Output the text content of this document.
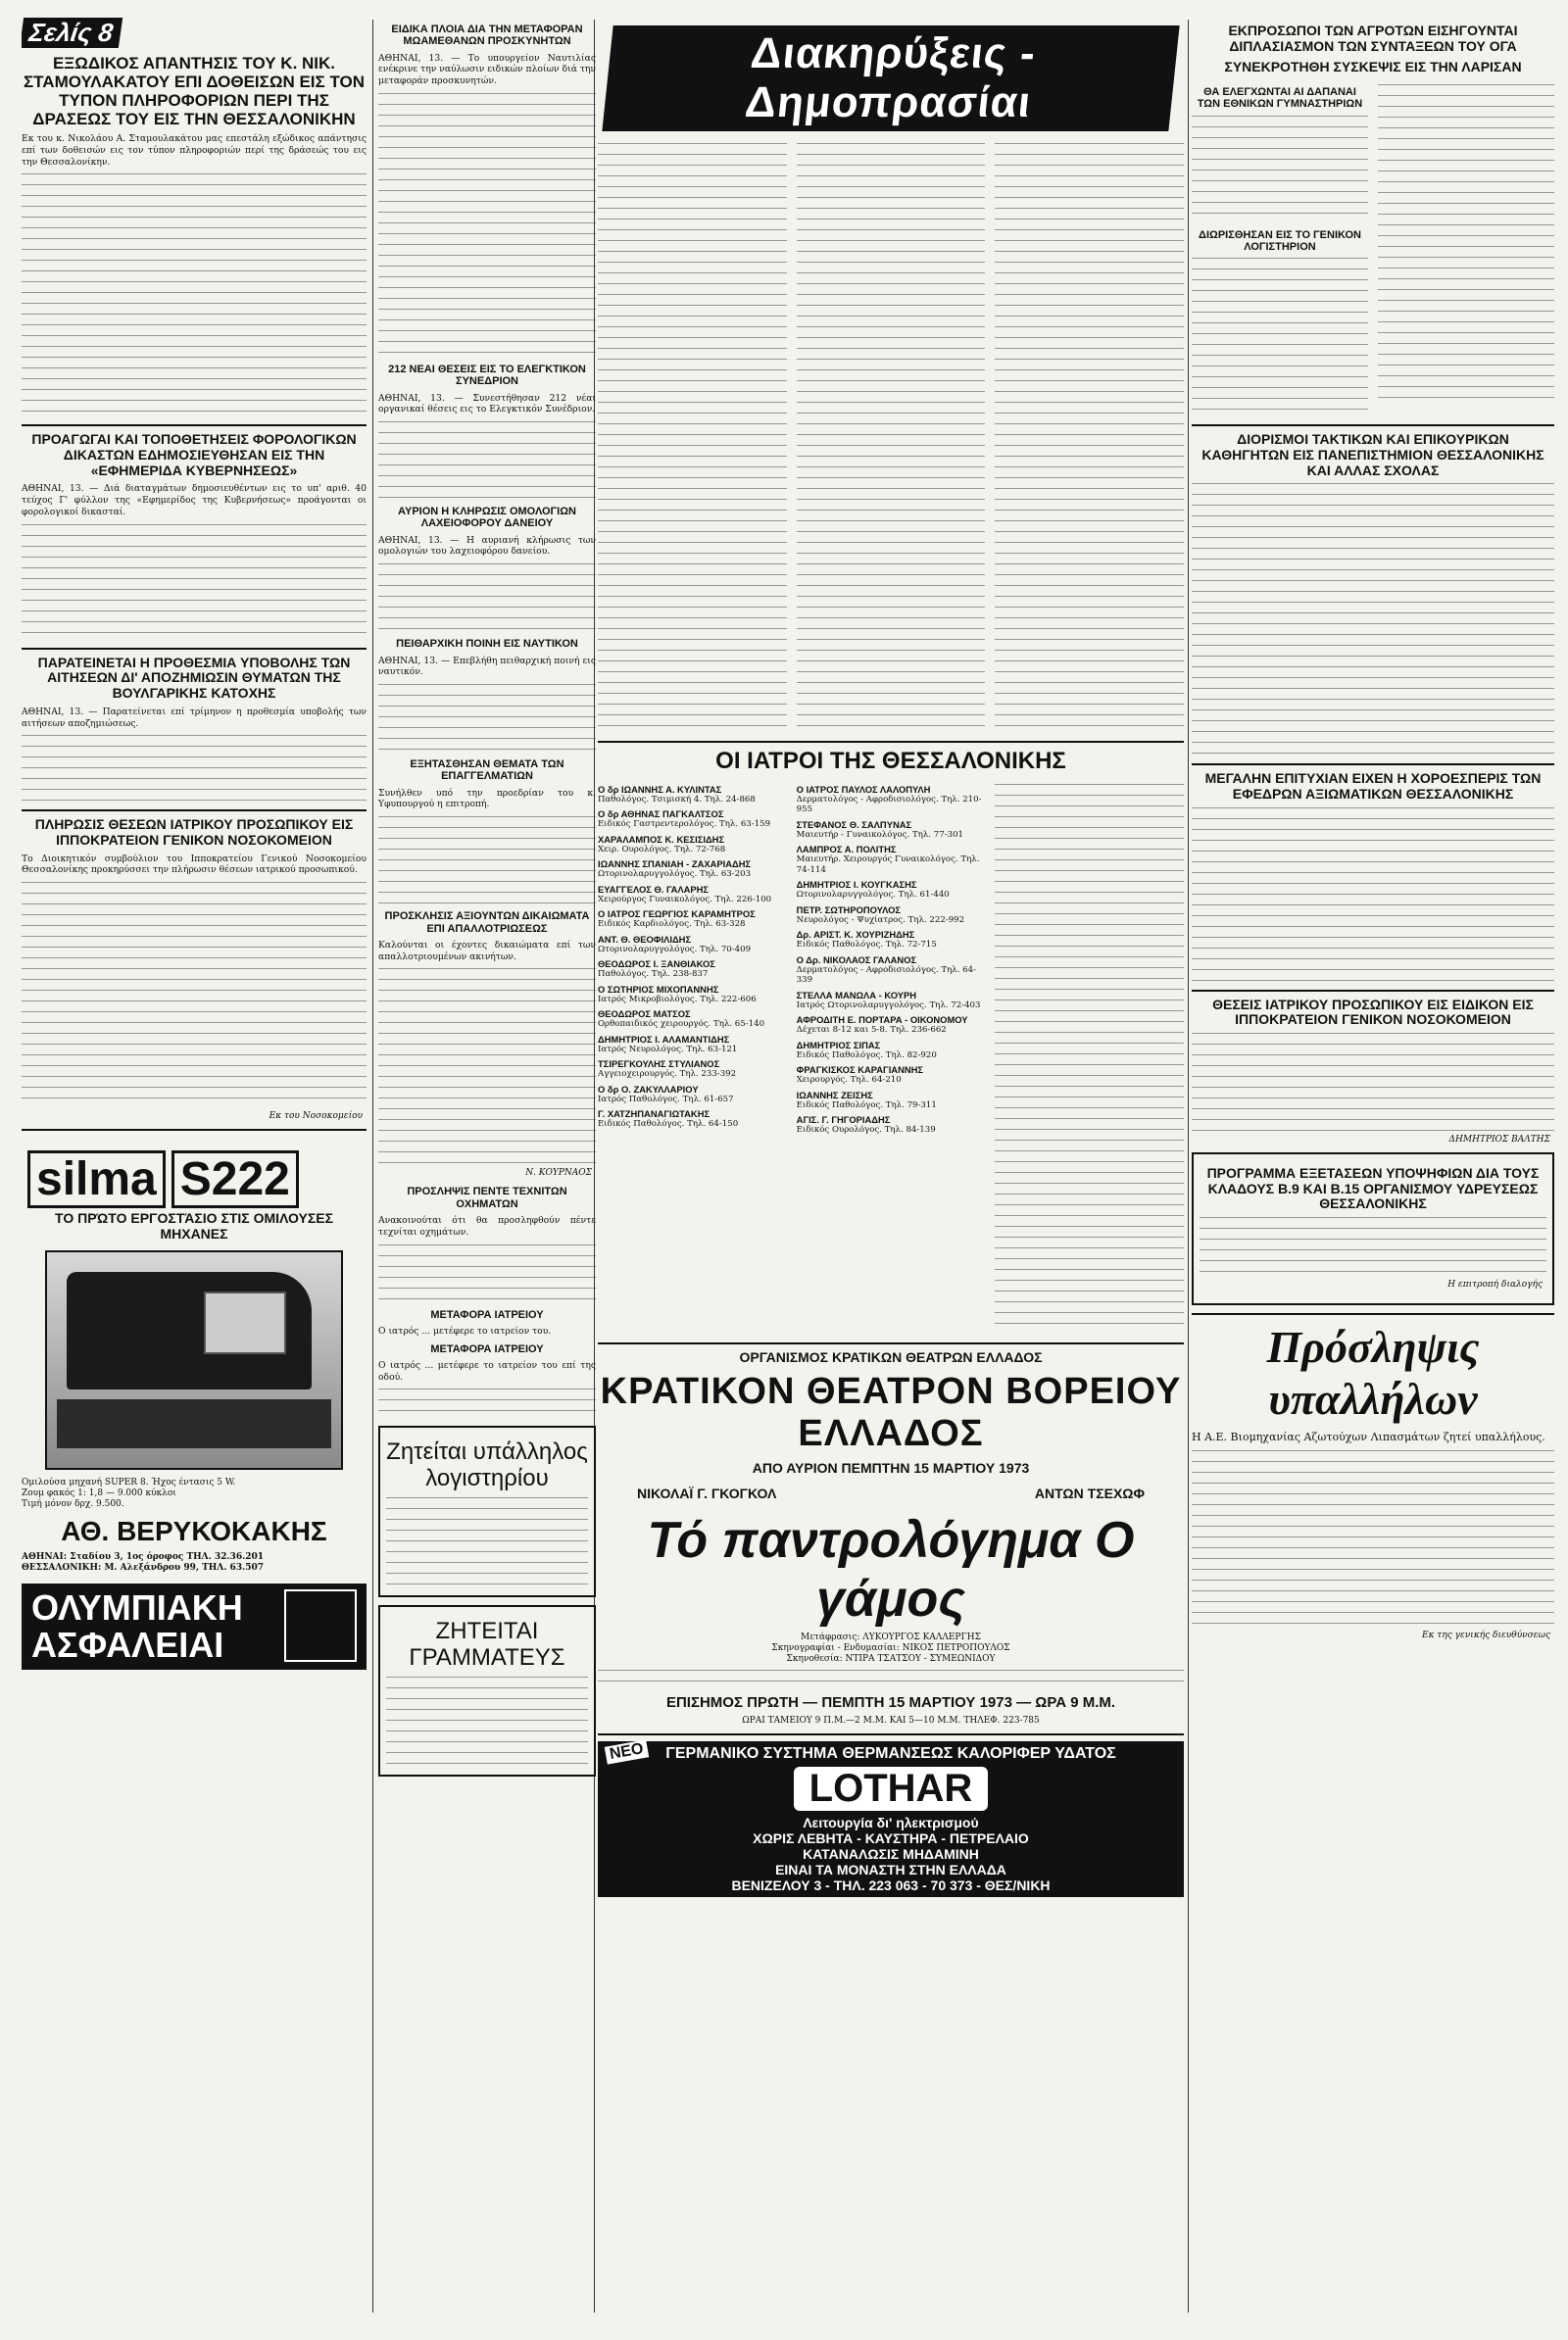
Σελίς 8
ΕΞΩΔΙΚΟΣ ΑΠΑΝΤΗΣΙΣ ΤΟΥ Κ. ΝΙΚ. ΣΤΑΜΟΥΛΑΚΑΤΟΥ ΕΠΙ ΔΟΘΕΙΣΩΝ ΕΙΣ ΤΟΝ ΤΥΠΟΝ ΠΛΗΡΟΦΟΡΙΩΝ ΠΕΡΙ ΤΗΣ ΔΡΑΣΕΩΣ ΤΟΥ ΕΙΣ ΤΗΝ ΘΕΣΣΑΛΟΝΙΚΗΝ

Εκ του κ. Νικολάου Α. Σταμουλακάτου μας επεστάλη εξώδικος απάντησις επί των δοθεισών εις τον τύπον πληροφοριών περί της δράσεώς του εις την Θεσσαλονίκην.

ΠΡΟΑΓΩΓΑΙ ΚΑΙ ΤΟΠΟΘΕΤΗΣΕΙΣ ΦΟΡΟΛΟΓΙΚΩΝ ΔΙΚΑΣΤΩΝ ΕΔΗΜΟΣΙΕΥΘΗΣΑΝ ΕΙΣ ΤΗΝ «ΕΦΗΜΕΡΙΔΑ ΚΥΒΕΡΝΗΣΕΩΣ»

ΑΘΗΝΑΙ, 13. — Διά διαταγμάτων δημοσιευθέντων εις το υπ' αριθ. 40 τεύχος Γ' φύλλον της «Εφημερίδος της Κυβερνήσεως» προάγονται οι φορολογικοί δικασταί.

ΠΑΡΑΤΕΙΝΕΤΑΙ Η ΠΡΟΘΕΣΜΙΑ ΥΠΟΒΟΛΗΣ ΤΩΝ ΑΙΤΗΣΕΩΝ ΔΙ' ΑΠΟΖΗΜΙΩΣΙΝ ΘΥΜΑΤΩΝ ΤΗΣ ΒΟΥΛΓΑΡΙΚΗΣ ΚΑΤΟΧΗΣ

ΑΘΗΝΑΙ, 13. — Παρατείνεται επί τρίμηνον η προθεσμία υποβολής των αιτήσεων αποζημιώσεως.

ΠΛΗΡΩΣΙΣ ΘΕΣΕΩΝ ΙΑΤΡΙΚΟΥ ΠΡΟΣΩΠΙΚΟΥ ΕΙΣ ΙΠΠΟΚΡΑΤΕΙΟΝ ΓΕΝΙΚΟΝ ΝΟΣΟΚΟΜΕΙΟΝ

Το Διοικητικόν συμβούλιον του Ιπποκρατείου Γενικού Νοσοκομείου Θεσσαλονίκης προκηρύσσει την πλήρωσιν θέσεων ιατρικού προσωπικού.

Εκ του Νοσοκομείου
silma S222
ΤΟ ΠΡΏΤΟ ΕΡΓΟΣΤΆΣΙΟ ΣΤΙΣ ΟΜΙΛΟΥΣΕΣ ΜΗΧΑΝΕΣ
Ομιλούσα μηχανή SUPER 8. Ήχος έντασις 5 W.
Ζουμ φακός 1: 1,8 — 9.000 κύκλοι
Τιμή μόνον δρχ. 9.500.
ΑΘ. ΒΕΡΥΚΟΚΑΚΗΣ
ΑΘΗΝΑΙ: Σταδίου 3, 1ος όροφος ΤΗΛ. 32.36.201
ΘΕΣΣΑΛΟΝΙΚΗ: Μ. Αλεξάνδρου 99, ΤΗΛ. 63.507
ΟΛΥΜΠΙΑΚΗ
ΑΣΦΑΛΕΙΑΙ
ΕΙΔΙΚΑ ΠΛΟΙΑ ΔΙΑ ΤΗΝ ΜΕΤΑΦΟΡΑΝ ΜΩΑΜΕΘΑΝΩΝ ΠΡΟΣΚΥΝΗΤΩΝ

ΑΘΗΝΑΙ, 13. — Το υπουργείον Ναυτιλίας ενέκρινε την ναύλωσιν ειδικών πλοίων διά την μεταφοράν προσκυνητών.

212 ΝΕΑΙ ΘΕΣΕΙΣ ΕΙΣ ΤΟ ΕΛΕΓΚΤΙΚΟΝ ΣΥΝΕΔΡΙΟΝ

ΑΘΗΝΑΙ, 13. — Συνεστήθησαν 212 νέαι οργανικαί θέσεις εις το Ελεγκτικόν Συνέδριον.

ΑΥΡΙΟΝ Η ΚΛΗΡΩΣΙΣ ΟΜΟΛΟΓΙΩΝ ΛΑΧΕΙΟΦΟΡΟΥ ΔΑΝΕΙΟΥ

ΑΘΗΝΑΙ, 13. — Η αυριανή κλήρωσις των ομολογιών του λαχειοφόρου δανείου.

ΠΕΙΘΑΡΧΙΚΗ ΠΟΙΝΗ ΕΙΣ ΝΑΥΤΙΚΟΝ

ΑΘΗΝΑΙ, 13. — Επεβλήθη πειθαρχική ποινή εις ναυτικόν.

ΕΞΗΤΑΣΘΗΣΑΝ ΘΕΜΑΤΑ ΤΩΝ ΕΠΑΓΓΕΛΜΑΤΙΩΝ

Συνήλθεν υπό την προεδρίαν του κ. Υφυπουργού η επιτροπή.

ΠΡΟΣΚΛΗΣΙΣ ΑΞΙΟΥΝΤΩΝ ΔΙΚΑΙΩΜΑΤΑ ΕΠΙ ΑΠΑΛΛΟΤΡΙΩΣΕΩΣ

Καλούνται οι έχοντες δικαιώματα επί των απαλλοτριουμένων ακινήτων.

Ν. ΚΟΥΡΝΑΟΣ
ΠΡΟΣΛΗΨΙΣ ΠΕΝΤΕ ΤΕΧΝΙΤΩΝ ΟΧΗΜΑΤΩΝ

Ανακοινούται ότι θα προσληφθούν πέντε τεχνίται οχημάτων.

ΜΕΤΑΦΟΡΑ ΙΑΤΡΕΙΟΥ

Ο ιατρός ... μετέφερε το ιατρείον του.

ΜΕΤΑΦΟΡΑ ΙΑΤΡΕΙΟΥ

Ο ιατρός ... μετέφερε το ιατρείον του επί της οδού.

Ζητείται υπάλληλος λογιστηρίου
ΖΗΤΕΙΤΑΙ ΓΡΑΜΜΑΤΕΥΣ
Διακηρύξεις - Δημοπρασίαι
ΟΙ ΙΑΤΡΟΙ ΤΗΣ ΘΕΣΣΑΛΟΝΙΚΗΣ
Ο δρ ΙΩΑΝΝΗΣ Α. ΚΥΛΙΝΤΑΣ
Παθολόγος. Τσιμισκή 4. Τηλ. 24-868
Ο δρ ΑΘΗΝΑΣ ΠΑΓΚΑΛΤΣΟΣ
Ειδικός Γαστρεντερολόγος. Τηλ. 63-159
ΧΑΡΑΛΑΜΠΟΣ Κ. ΚΕΣΙΣΙΔΗΣ
Χειρ. Ουρολόγος. Τηλ. 72-768
ΙΩΑΝΝΗΣ ΣΠΑΝΙΑΗ - ΖΑΧΑΡΙΑΔΗΣ
Ωτορινολαρυγγολόγος. Τηλ. 63-203
ΕΥΑΓΓΕΛΟΣ Θ. ΓΑΛΑΡΗΣ
Χειρούργος Γυναικολόγος. Τηλ. 226-100
Ο ΙΑΤΡΟΣ ΓΕΩΡΓΙΟΣ ΚΑΡΑΜΗΤΡΟΣ
Ειδικός Καρδιολόγος. Τηλ. 63-328
ΑΝΤ. Θ. ΘΕΟΦΙΛΙΔΗΣ
Ωτορινολαρυγγολόγος. Τηλ. 70-409
ΘΕΟΔΩΡΟΣ Ι. ΞΑΝΘΙΑΚΟΣ
Παθολόγος. Τηλ. 238-837
Ο ΣΩΤΗΡΙΟΣ ΜΙΧΟΠΑΝΝΗΣ
Ιατρός Μικροβιολόγος. Τηλ. 222-606
ΘΕΟΔΩΡΟΣ ΜΑΤΣΟΣ
Ορθοπαιδικός χειρουργός. Τηλ. 65-140
ΔΗΜΗΤΡΙΟΣ Ι. ΑΛΑΜΑΝΤΙΔΗΣ
Ιατρός Νευρολόγος. Τηλ. 63-121
ΤΣΙΡΕΓΚΟΥΛΗΣ ΣΤΥΛΙΑΝΟΣ
Αγγειοχειρουργός. Τηλ. 233-392
Ο δρ Ο. ΖΑΚΥΛΛΑΡΙΟΥ
Ιατρός Παθολόγος. Τηλ. 61-657
Γ. ΧΑΤΖΗΠΑΝΑΓΙΩΤΑΚΗΣ
Ειδικός Παθολόγος. Τηλ. 64-150
Ο ΙΑΤΡΟΣ ΠΑΥΛΟΣ ΛΑΛΟΠΥΛΗ
Δερματολόγος - Αφροδισιολόγος. Τηλ. 210-955
ΣΤΕΦΑΝΟΣ Θ. ΣΑΛΠΥΝΑΣ
Μαιευτήρ - Γυναικολόγος. Τηλ. 77-301
ΛΑΜΠΡΟΣ Α. ΠΟΛΙΤΗΣ
Μαιευτήρ. Χειρουργός Γυναικολόγος. Τηλ. 74-114
ΔΗΜΗΤΡΙΟΣ Ι. ΚΟΥΓΚΑΣΗΣ
Ωτορινολαρυγγολόγος. Τηλ. 61-440
ΠΕΤΡ. ΣΩΤΗΡΟΠΟΥΛΟΣ
Νευρολόγος - Ψυχίατρος. Τηλ. 222-992
Δρ. ΑΡΙΣΤ. Κ. ΧΟΥΡΙΖΗΔΗΣ
Ειδικός Παθολόγος. Τηλ. 72-715
Ο Δρ. ΝΙΚΟΛΑΟΣ ΓΑΛΑΝΟΣ
Δερματολόγος - Αφροδισιολόγος. Τηλ. 64-339
ΣΤΕΛΛΑ ΜΑΝΩΛΑ - ΚΟΥΡΗ
Ιατρός Ωτορινολαρυγγολόγος. Τηλ. 72-403
ΑΦΡΟΔΙΤΗ Ε. ΠΟΡΤΑΡΑ - ΟΙΚΟΝΟΜΟΥ
Δέχεται 8-12 και 5-8. Τηλ. 236-662
ΔΗΜΗΤΡΙΟΣ ΣΙΠΑΣ
Ειδικός Παθολόγος. Τηλ. 82-920
ΦΡΑΓΚΙΣΚΟΣ ΚΑΡΑΓΙΑΝΝΗΣ
Χειρουργός. Τηλ. 64-210
ΙΩΑΝΝΗΣ ΖΕΙΣΗΣ
Ειδικός Παθολόγος. Τηλ. 79-311
ΑΓΙΣ. Γ. ΓΗΓΟΡΙΑΔΗΣ
Ειδικός Ουρολόγος. Τηλ. 84-139
ΟΡΓΑΝΙΣΜΟΣ ΚΡΑΤΙΚΩΝ ΘΕΑΤΡΩΝ ΕΛΛΑΔΟΣ
ΚΡΑΤΙΚΟΝ ΘΕΑΤΡΟΝ ΒΟΡΕΙΟΥ ΕΛΛΑΔΟΣ
ΑΠΟ ΑΥΡΙΟΝ ΠΕΜΠΤΗΝ 15 ΜΑΡΤΙΟΥ 1973
ΝΙΚΟΛΑΪ Γ. ΓΚΟΓΚΟΛ	ΑΝΤΩΝ ΤΣΕΧΩΦ
Τό παντρολόγημα Ο γάμος
Μετάφρασις: ΛΥΚΟΥΡΓΟΣ ΚΑΛΛΕΡΓΗΣ
Σκηνογραφίαι - Ενδυμασίαι: ΝΙΚΟΣ ΠΕΤΡΟΠΟΥΛΟΣ
Σκηνοθεσία: ΝΤΙΡΑ ΤΣΑΤΣΟΥ - ΣΥΜΕΩΝΙΔΟΥ
ΕΠΙΣΗΜΟΣ ΠΡΩΤΗ — ΠΕΜΠΤΗ 15 ΜΑΡΤΙΟΥ 1973 — ΩΡΑ 9 Μ.Μ.
ΩΡΑΙ ΤΑΜΕΙΟΥ 9 Π.Μ.—2 Μ.Μ. ΚΑΙ 5—10 Μ.Μ. ΤΗΛΕΦ. 223-785
ΝΕΟ ΓΕΡΜΑΝΙΚΟ ΣΥΣΤΗΜΑ ΘΕΡΜΑΝΣΕΩΣ ΚΑΛΟΡΙΦΕΡ ΥΔΑΤΟΣ
LOTHAR
Λειτουργία δι' ηλεκτρισμού
ΧΩΡΙΣ ΛΕΒΗΤΑ - ΚΑΥΣΤΗΡΑ - ΠΕΤΡΕΛΑΙΟ
ΚΑΤΑΝΑΛΩΣΙΣ ΜΗΔΑΜΙΝΗ
ΕΙΝΑΙ ΤΑ ΜΟΝΑΣΤΗ ΣΤΗΝ ΕΛΛΑΔΑ
ΒΕΝΙΖΕΛΟΥ 3 - ΤΗΛ. 223 063 - 70 373 - ΘΕΣ/ΝΙΚΗ
ΕΚΠΡΟΣΩΠΟΙ ΤΩΝ ΑΓΡΟΤΩΝ ΕΙΣΗΓΟΥΝΤΑΙ ΔΙΠΛΑΣΙΑΣΜΟΝ ΤΩΝ ΣΥΝΤΑΞΕΩΝ ΤΟΥ ΟΓΑ
ΣΥΝΕΚΡΟΤΗΘΗ ΣΥΣΚΕΨΙΣ ΕΙΣ ΤΗΝ ΛΑΡΙΣΑΝ
ΘΑ ΕΛΕΓΧΩΝΤΑΙ ΑΙ ΔΑΠΑΝΑΙ ΤΩΝ ΕΘΝΙΚΩΝ ΓΥΜΝΑΣΤΗΡΙΩΝ
ΔΙΩΡΙΣΘΗΣΑΝ ΕΙΣ ΤΟ ΓΕΝΙΚΟΝ ΛΟΓΙΣΤΗΡΙΟΝ
ΔΙΟΡΙΣΜΟΙ ΤΑΚΤΙΚΩΝ ΚΑΙ ΕΠΙΚΟΥΡΙΚΩΝ ΚΑΘΗΓΗΤΩΝ ΕΙΣ ΠΑΝΕΠΙΣΤΗΜΙΟΝ ΘΕΣΣΑΛΟΝΙΚΗΣ ΚΑΙ ΑΛΛΑΣ ΣΧΟΛΑΣ
ΜΕΓΑΛΗΝ ΕΠΙΤΥΧΙΑΝ ΕΙΧΕΝ Η ΧΟΡΟΕΣΠΕΡΙΣ ΤΩΝ ΕΦΕΔΡΩΝ ΑΞΙΩΜΑΤΙΚΩΝ ΘΕΣΣΑΛΟΝΙΚΗΣ
ΘΕΣΕΙΣ ΙΑΤΡΙΚΟΥ ΠΡΟΣΩΠΙΚΟΥ ΕΙΣ ΕΙΔΙΚΟΝ ΕΙΣ ΙΠΠΟΚΡΑΤΕΙΟΝ ΓΕΝΙΚΟΝ ΝΟΣΟΚΟΜΕΙΟΝ
ΔΗΜΗΤΡΙΟΣ ΒΑΛΤΗΣ
ΠΡΟΓΡΑΜΜΑ ΕΞΕΤΑΣΕΩΝ ΥΠΟΨΗΦΙΩΝ ΔΙΑ ΤΟΥΣ ΚΛΑΔΟΥΣ Β.9 ΚΑΙ Β.15 ΟΡΓΑΝΙΣΜΟΥ ΥΔΡΕΥΣΕΩΣ ΘΕΣΣΑΛΟΝΙΚΗΣ
Η επιτροπή διαλογής
Πρόσληψις υπαλλήλων

Η Α.Ε. Βιομηχανίας Αζωτούχων Λιπασμάτων ζητεί υπαλλήλους.

Εκ της γενικής διευθύνσεως
